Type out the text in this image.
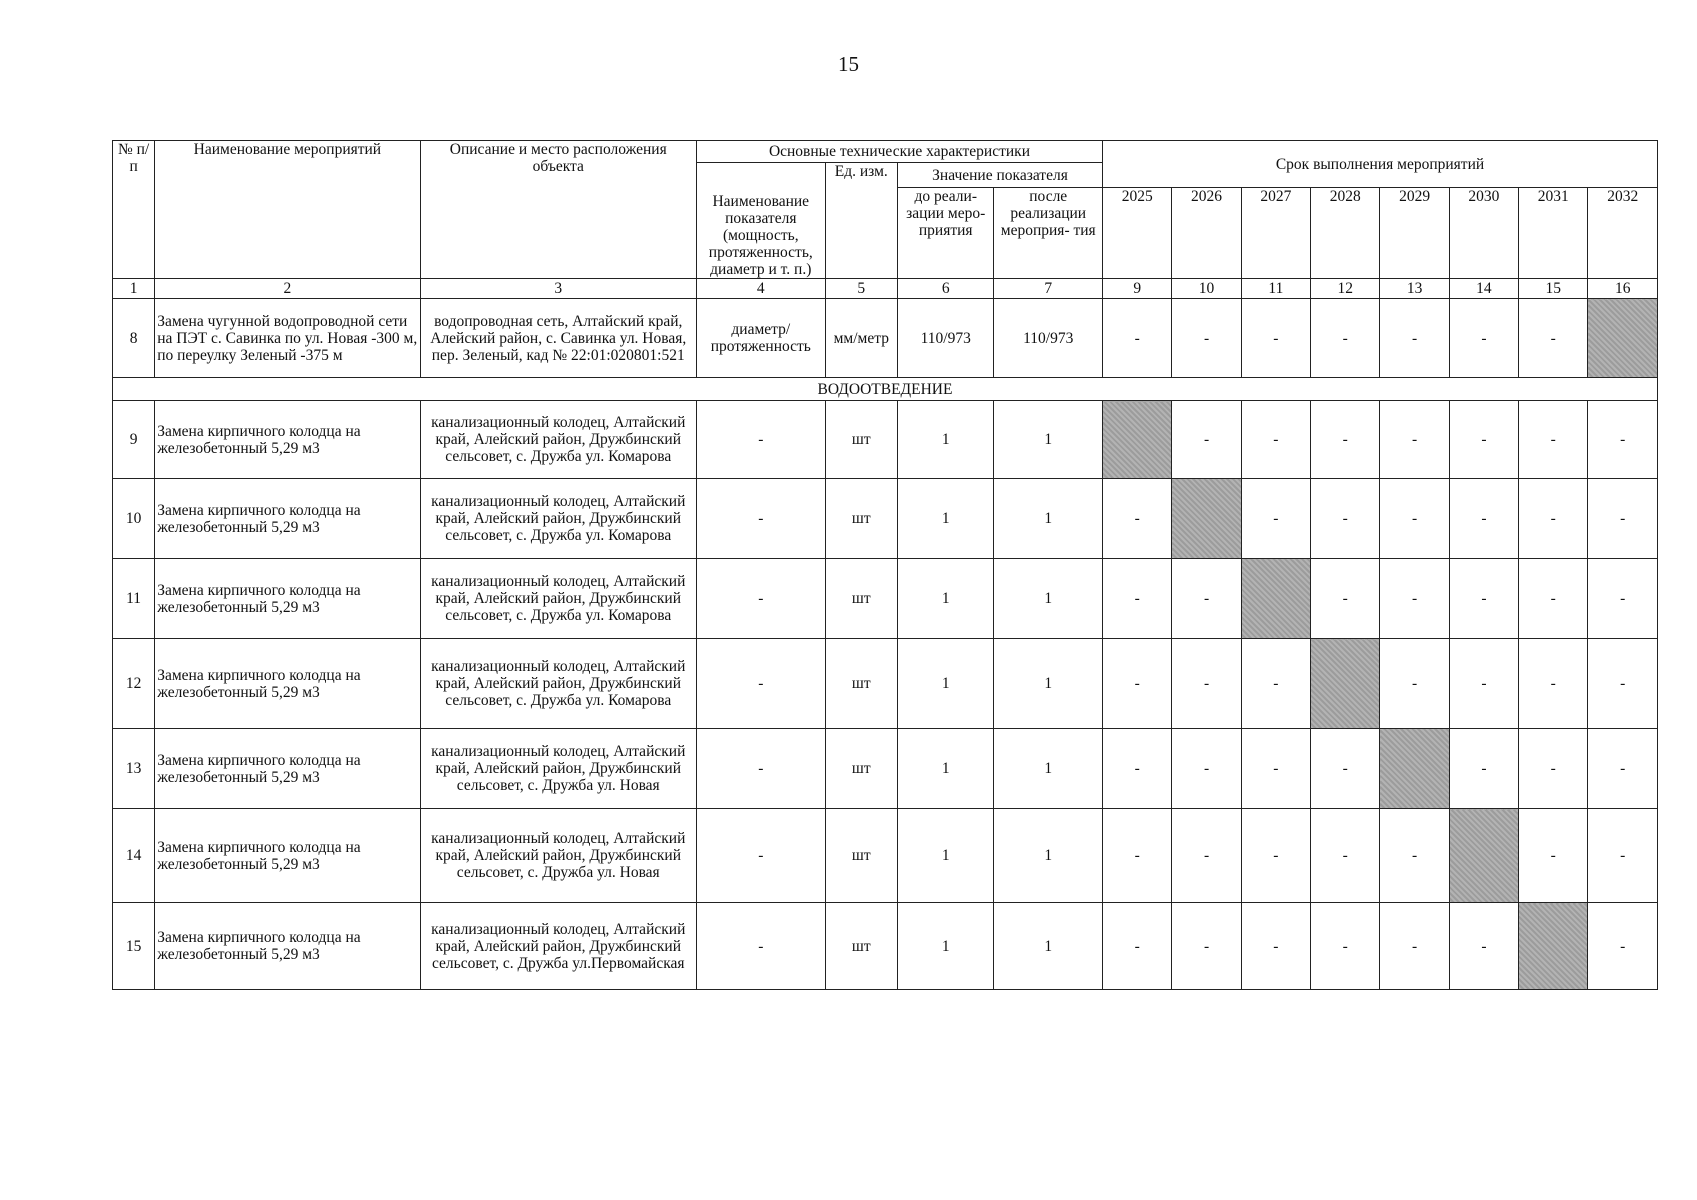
15
№ п/п	Наименование мероприятий	Описание и место расположения объекта	Основные технические характеристики				Срок выполнения мероприятий							
			Наименование показателя (мощность, протяженность, диаметр и т. п.)	Ед. изм.	Значение показателя									
					до реали- зации меро- приятия	после реализации мероприя- тия	2025	2026	2027	2028	2029	2030	2031	2032
1	2	3	4	5	6	7	9	10	11	12	13	14	15	16
8	Замена чугунной водопроводной сети на ПЭТ с. Савинка по ул. Новая -300 м, по переулку Зеленый -375 м	водопроводная сеть, Алтайский край, Алейский район, с. Савинка ул. Новая, пер. Зеленый, кад № 22:01:020801:521	диаметр/ протяженность	мм/метр	110/973	110/973	-	-	-	-	-	-	-	
ВОДООТВЕДЕНИЕ														
9	Замена кирпичного колодца на железобетонный 5,29 м3	канализационный колодец, Алтайский край, Алейский район, Дружбинский сельсовет, с. Дружба ул. Комарова	-	шт	1	1		-	-	-	-	-	-	-
10	Замена кирпичного колодца на железобетонный 5,29 м3	канализационный колодец, Алтайский край, Алейский район, Дружбинский сельсовет, с. Дружба ул. Комарова	-	шт	1	1	-		-	-	-	-	-	-
11	Замена кирпичного колодца на железобетонный 5,29 м3	канализационный колодец, Алтайский край, Алейский район, Дружбинский сельсовет, с. Дружба ул. Комарова	-	шт	1	1	-	-		-	-	-	-	-
12	Замена кирпичного колодца на железобетонный 5,29 м3	канализационный колодец, Алтайский край, Алейский район, Дружбинский сельсовет, с. Дружба ул. Комарова	-	шт	1	1	-	-	-		-	-	-	-
13	Замена кирпичного колодца на железобетонный 5,29 м3	канализационный колодец, Алтайский край, Алейский район, Дружбинский сельсовет, с. Дружба ул. Новая	-	шт	1	1	-	-	-	-		-	-	-
14	Замена кирпичного колодца на железобетонный 5,29 м3	канализационный колодец, Алтайский край, Алейский район, Дружбинский сельсовет, с. Дружба ул. Новая	-	шт	1	1	-	-	-	-	-		-	-
15	Замена кирпичного колодца на железобетонный 5,29 м3	канализационный колодец, Алтайский край, Алейский район, Дружбинский сельсовет, с. Дружба ул.Первомайская	-	шт	1	1	-	-	-	-	-	-		-
